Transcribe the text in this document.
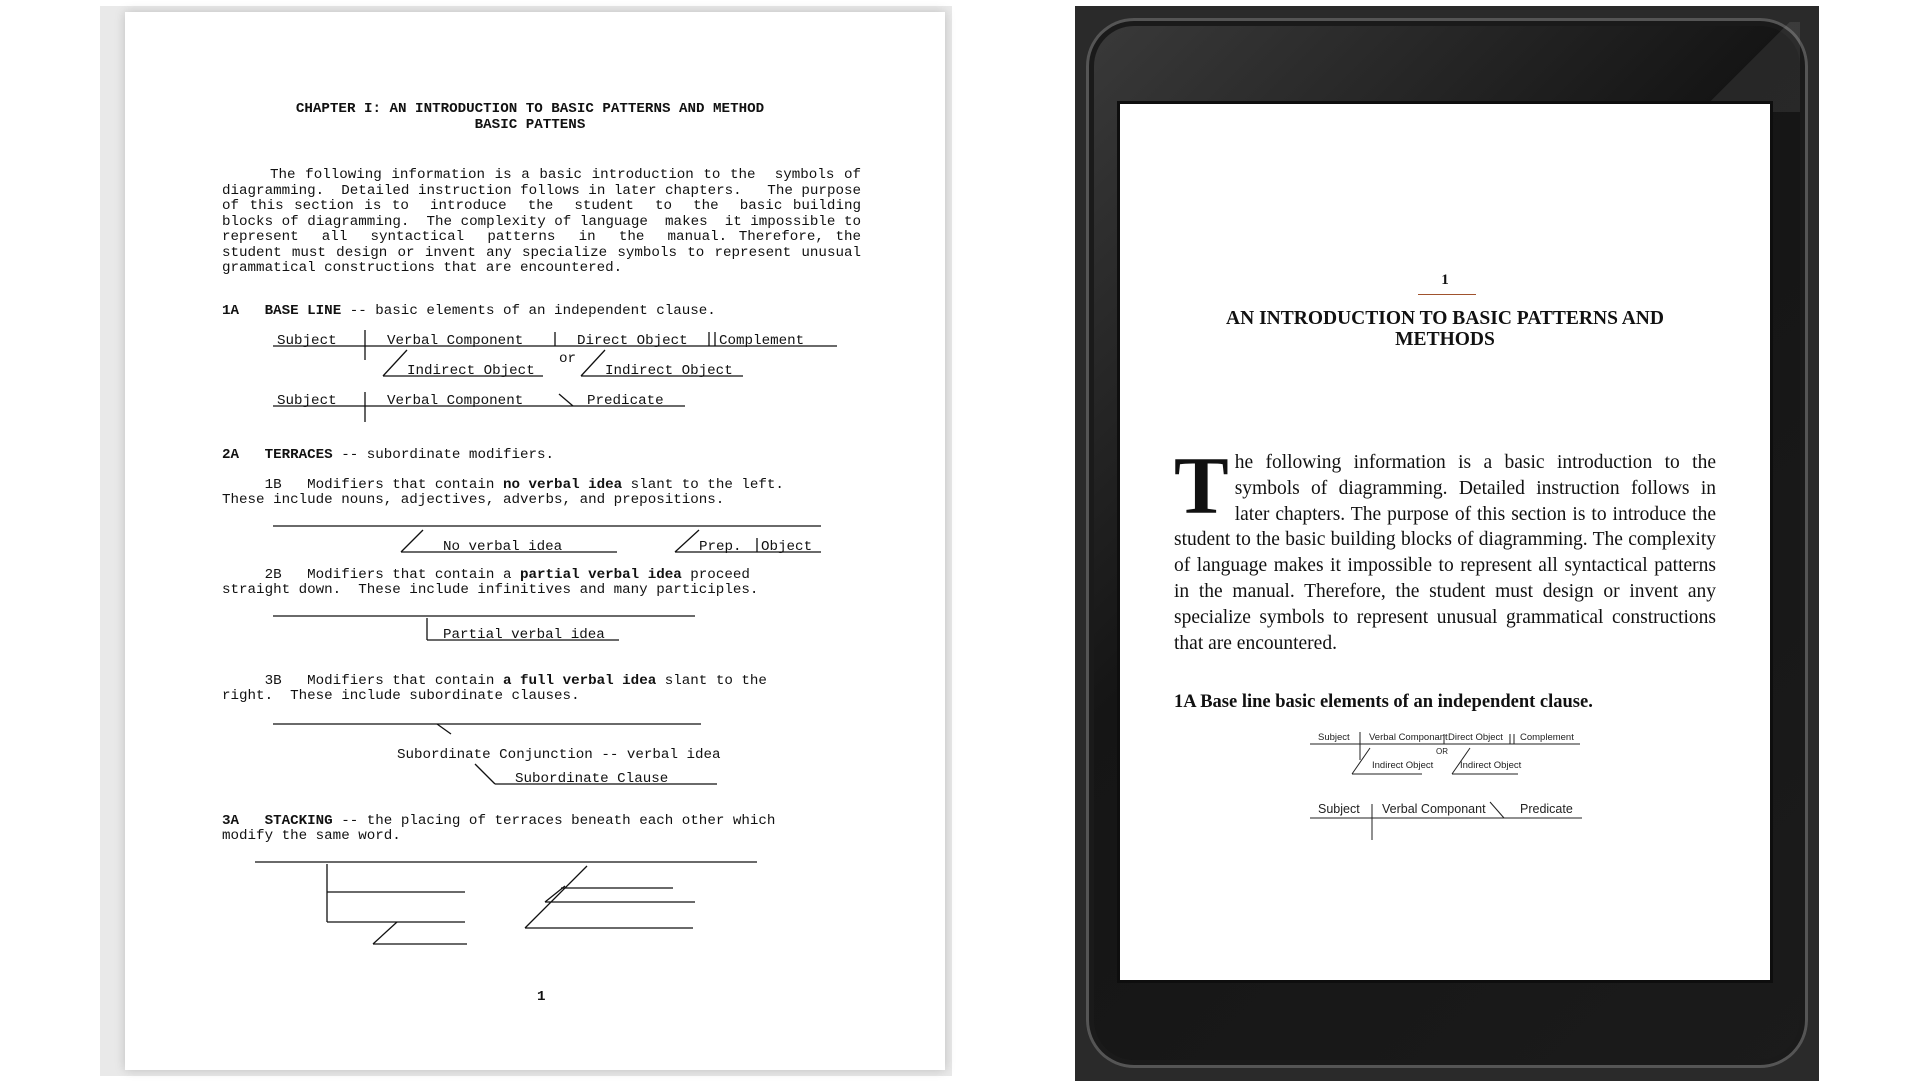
CHAPTER I: AN INTRODUCTION TO BASIC PATTERNS AND METHOD
BASIC PATTENS
The following information is a basic introduction to the  symbols of diagramming.  Detailed instruction follows in later chapters.   The purpose of this section is to  introduce  the  student  to  the  basic building blocks of diagramming.  The complexity of language  makes  it impossible to  represent  all  syntactical  patterns  in  the  manual. Therefore, the student must design or invent any specialize symbols to represent unusual grammatical constructions that are encountered.
1A BASE LINE -- basic elements of an independent clause.
Subject	Verbal Component	Direct Object Complement
Indirect Object
or
Indirect Object
Subject	Verbal Component	Predicate
2A TERRACES -- subordinate modifiers.
1B   Modifiers that contain no verbal idea slant to the left.
These include nouns, adjectives, adverbs, and prepositions.
No verbal idea	Prep. Object
2B   Modifiers that contain a partial verbal idea proceed
straight down.  These include infinitives and many participles.
Partial verbal idea
3B   Modifiers that contain a full verbal idea slant to the
right.  These include subordinate clauses.
Subordinate Conjunction -- verbal idea
Subordinate Clause
3A STACKING -- the placing of terraces beneath each other which
modify the same word.
1
1
AN INTRODUCTION TO BASIC PATTERNS AND METHODS
The following information is a basic introduction to the symbols of diagramming. Detailed instruction follows in later chapters. The purpose of this section is to introduce the student to the basic building blocks of diagramming. The complexity of language makes it impossible to represent all syntactical patterns in the manual. Therefore, the student must design or invent any specialize symbols to represent unusual grammatical constructions that are encountered.
1A Base line basic elements of an independent clause.
Subject Verbal Componant Direct Object Complement
OR
Indirect Object	Indirect Object
Subject Verbal Componant	Predicate
